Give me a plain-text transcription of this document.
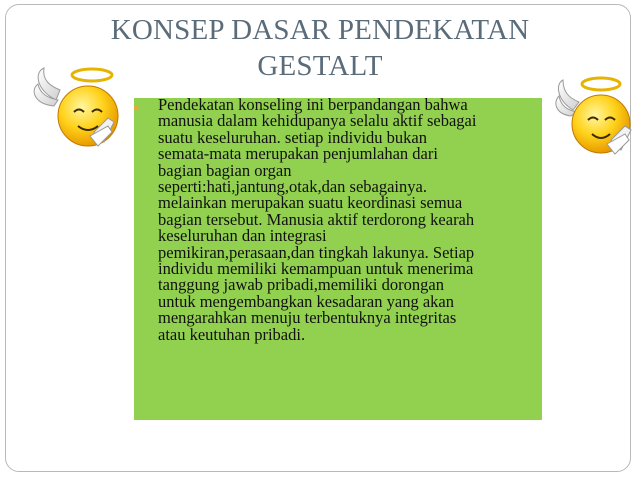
KONSEP DASAR PENDEKATAN
GESTALT
●	Pendekatan konseling ini berpandangan bahwa
manusia dalam kehidupanya selalu aktif sebagai
suatu keseluruhan. setiap individu bukan
semata-mata merupakan penjumlahan dari
bagian bagian organ
seperti:hati,jantung,otak,dan sebagainya.
melainkan merupakan suatu keordinasi semua
bagian tersebut. Manusia aktif terdorong kearah
keseluruhan dan integrasi
pemikiran,perasaan,dan tingkah lakunya. Setiap
individu memiliki kemampuan untuk menerima
tanggung jawab pribadi,memiliki dorongan
untuk mengembangkan kesadaran yang akan
mengarahkan menuju terbentuknya integritas
atau keutuhan pribadi.
